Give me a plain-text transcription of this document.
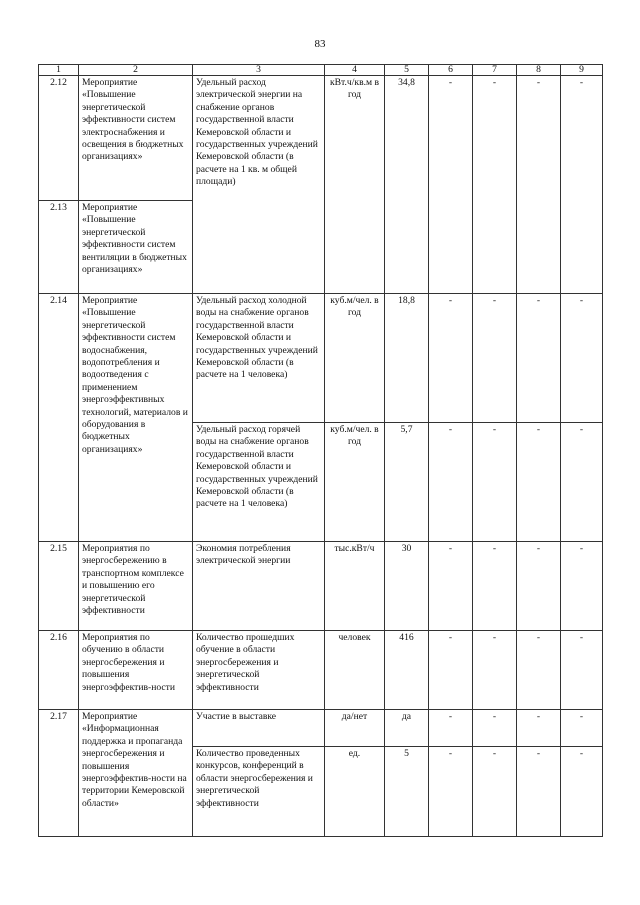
83
1	2	3	4	5	6	7	8	9
2.12	Мероприятие «Повышение энергетической эффективности систем электроснабжения и освещения в бюджетных организациях»	Удельный расход электрической энергии на снабжение органов государственной власти Кемеровской области и государственных учреждений Кемеровской области (в расчете на 1 кв. м общей площади)	кВт.ч/кв.м в год	34,8	-	-	-	-
2.13	Мероприятие «Повышение энергетической эффективности систем вентиляции в бюджетных организациях»							
2.14	Мероприятие «Повышение энергетической эффективности систем водоснабжения, водопотребления и водоотведения с применением энергоэффективных технологий, материалов и оборудования в бюджетных организациях»	Удельный расход холодной воды на снабжение органов государственной власти Кемеровской области и государственных учреждений Кемеровской области (в расчете на 1 человека)	куб.м/чел. в год	18,8	-	-	-	-
		Удельный расход горячей воды на снабжение органов государственной власти Кемеровской области и государственных учреждений Кемеровской области (в расчете на 1 человека)	куб.м/чел. в год	5,7	-	-	-	-
2.15	Мероприятия по энергосбережению в транспортном комплексе и повышению его энергетической эффективности	Экономия потребления электрической энергии	тыс.кВт/ч	30	-	-	-	-
2.16	Мероприятия по обучению в области энергосбережения и повышения энергоэффектив-ности	Количество прошедших обучение в области энергосбережения и энергетической эффективности	человек	416	-	-	-	-
2.17	Мероприятие «Информационная поддержка и пропаганда энергосбережения и повышения энергоэффектив-ности на территории Кемеровской области»	Участие в выставке	да/нет	да	-	-	-	-
		Количество проведенных конкурсов, конференций в области энергосбережения и энергетической эффективности	ед.	5	-	-	-	-
